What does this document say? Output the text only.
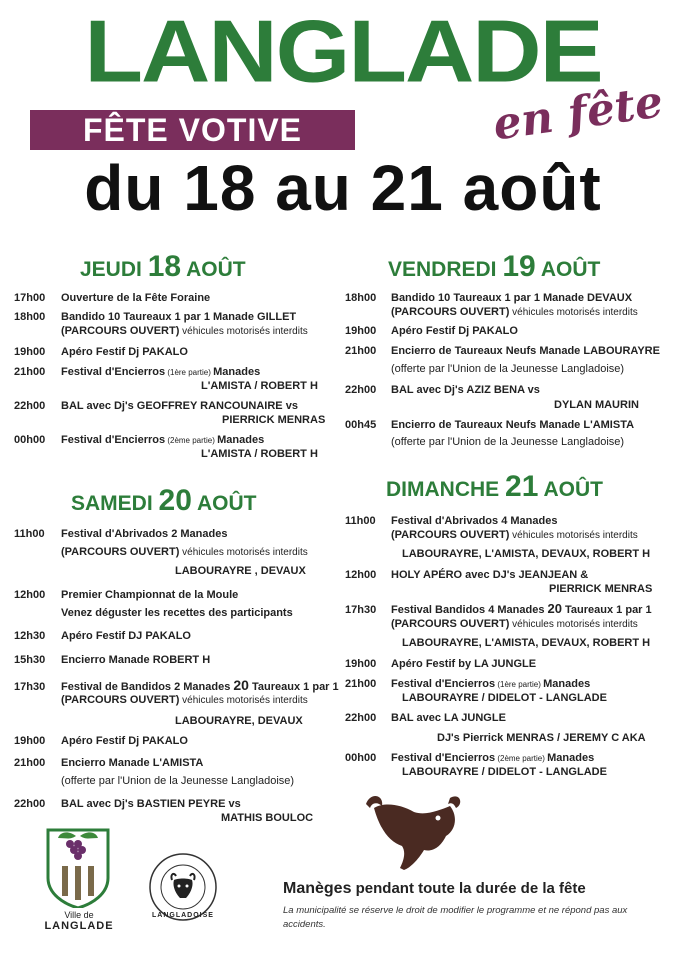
LANGLADE
FÊTE VOTIVE	en fête
du 18 au 21 août
JEUDI 18 AOÛT
17h00 Ouverture de la Fête Foraine
18h00 Bandido 10 Taureaux 1 par 1 Manade GILLET
(PARCOURS OUVERT) véhicules motorisés interdits
19h00 Apéro Festif Dj PAKALO
21h00 Festival d'Encierros (1ère partie) Manades
L'AMISTA / ROBERT H
22h00 BAL avec Dj's GEOFFREY RANCOUNAIRE vs
PIERRICK MENRAS
00h00 Festival d'Encierros (2ème partie) Manades
L'AMISTA / ROBERT H
VENDREDI 19 AOÛT
18h00 Bandido 10 Taureaux 1 par 1 Manade DEVAUX
(PARCOURS OUVERT) véhicules motorisés interdits
19h00 Apéro Festif Dj PAKALO
21h00 Encierro de Taureaux Neufs Manade LABOURAYRE
(offerte par l'Union de la Jeunesse Langladoise)
22h00 BAL avec Dj's AZIZ BENA vs
DYLAN MAURIN
00h45 Encierro de Taureaux Neufs Manade L'AMISTA
(offerte par l'Union de la Jeunesse Langladoise)
SAMEDI 20 AOÛT
11h00 Festival d'Abrivados 2 Manades
(PARCOURS OUVERT) véhicules motorisés interdits
LABOURAYRE , DEVAUX
12h00 Premier Championnat de la Moule
Venez déguster les recettes des participants
12h30 Apéro Festif DJ PAKALO
15h30 Encierro Manade ROBERT H
17h30 Festival de Bandidos 2 Manades 20 Taureaux 1 par 1
(PARCOURS OUVERT) véhicules motorisés interdits
LABOURAYRE, DEVAUX
19h00 Apéro Festif Dj PAKALO
21h00 Encierro Manade L'AMISTA
(offerte par l'Union de la Jeunesse Langladoise)
22h00 BAL avec Dj's BASTIEN PEYRE vs
MATHIS BOULOC
DIMANCHE 21 AOÛT
11h00 Festival d'Abrivados 4 Manades
(PARCOURS OUVERT) véhicules motorisés interdits
LABOURAYRE, L'AMISTA, DEVAUX, ROBERT H
12h00 HOLY APÉRO avec DJ's JEANJEAN &
PIERRICK MENRAS
17h30 Festival Bandidos 4 Manades 20 Taureaux 1 par 1
(PARCOURS OUVERT) véhicules motorisés interdits
LABOURAYRE, L'AMISTA, DEVAUX, ROBERT H
19h00 Apéro Festif by LA JUNGLE
21h00 Festival d'Encierros (1ère partie) Manades
LABOURAYRE / DIDELOT - LANGLADE
22h00 BAL avec LA JUNGLE
DJ's Pierrick MENRAS / JEREMY C AKA
00h00 Festival d'Encierros (2ème partie) Manades
LABOURAYRE / DIDELOT - LANGLADE
Ville de
LANGLADE
LANGLADOISE
Manèges pendant toute la durée de la fête
La municipalité se réserve le droit de modifier le programme et ne répond pas aux accidents.
